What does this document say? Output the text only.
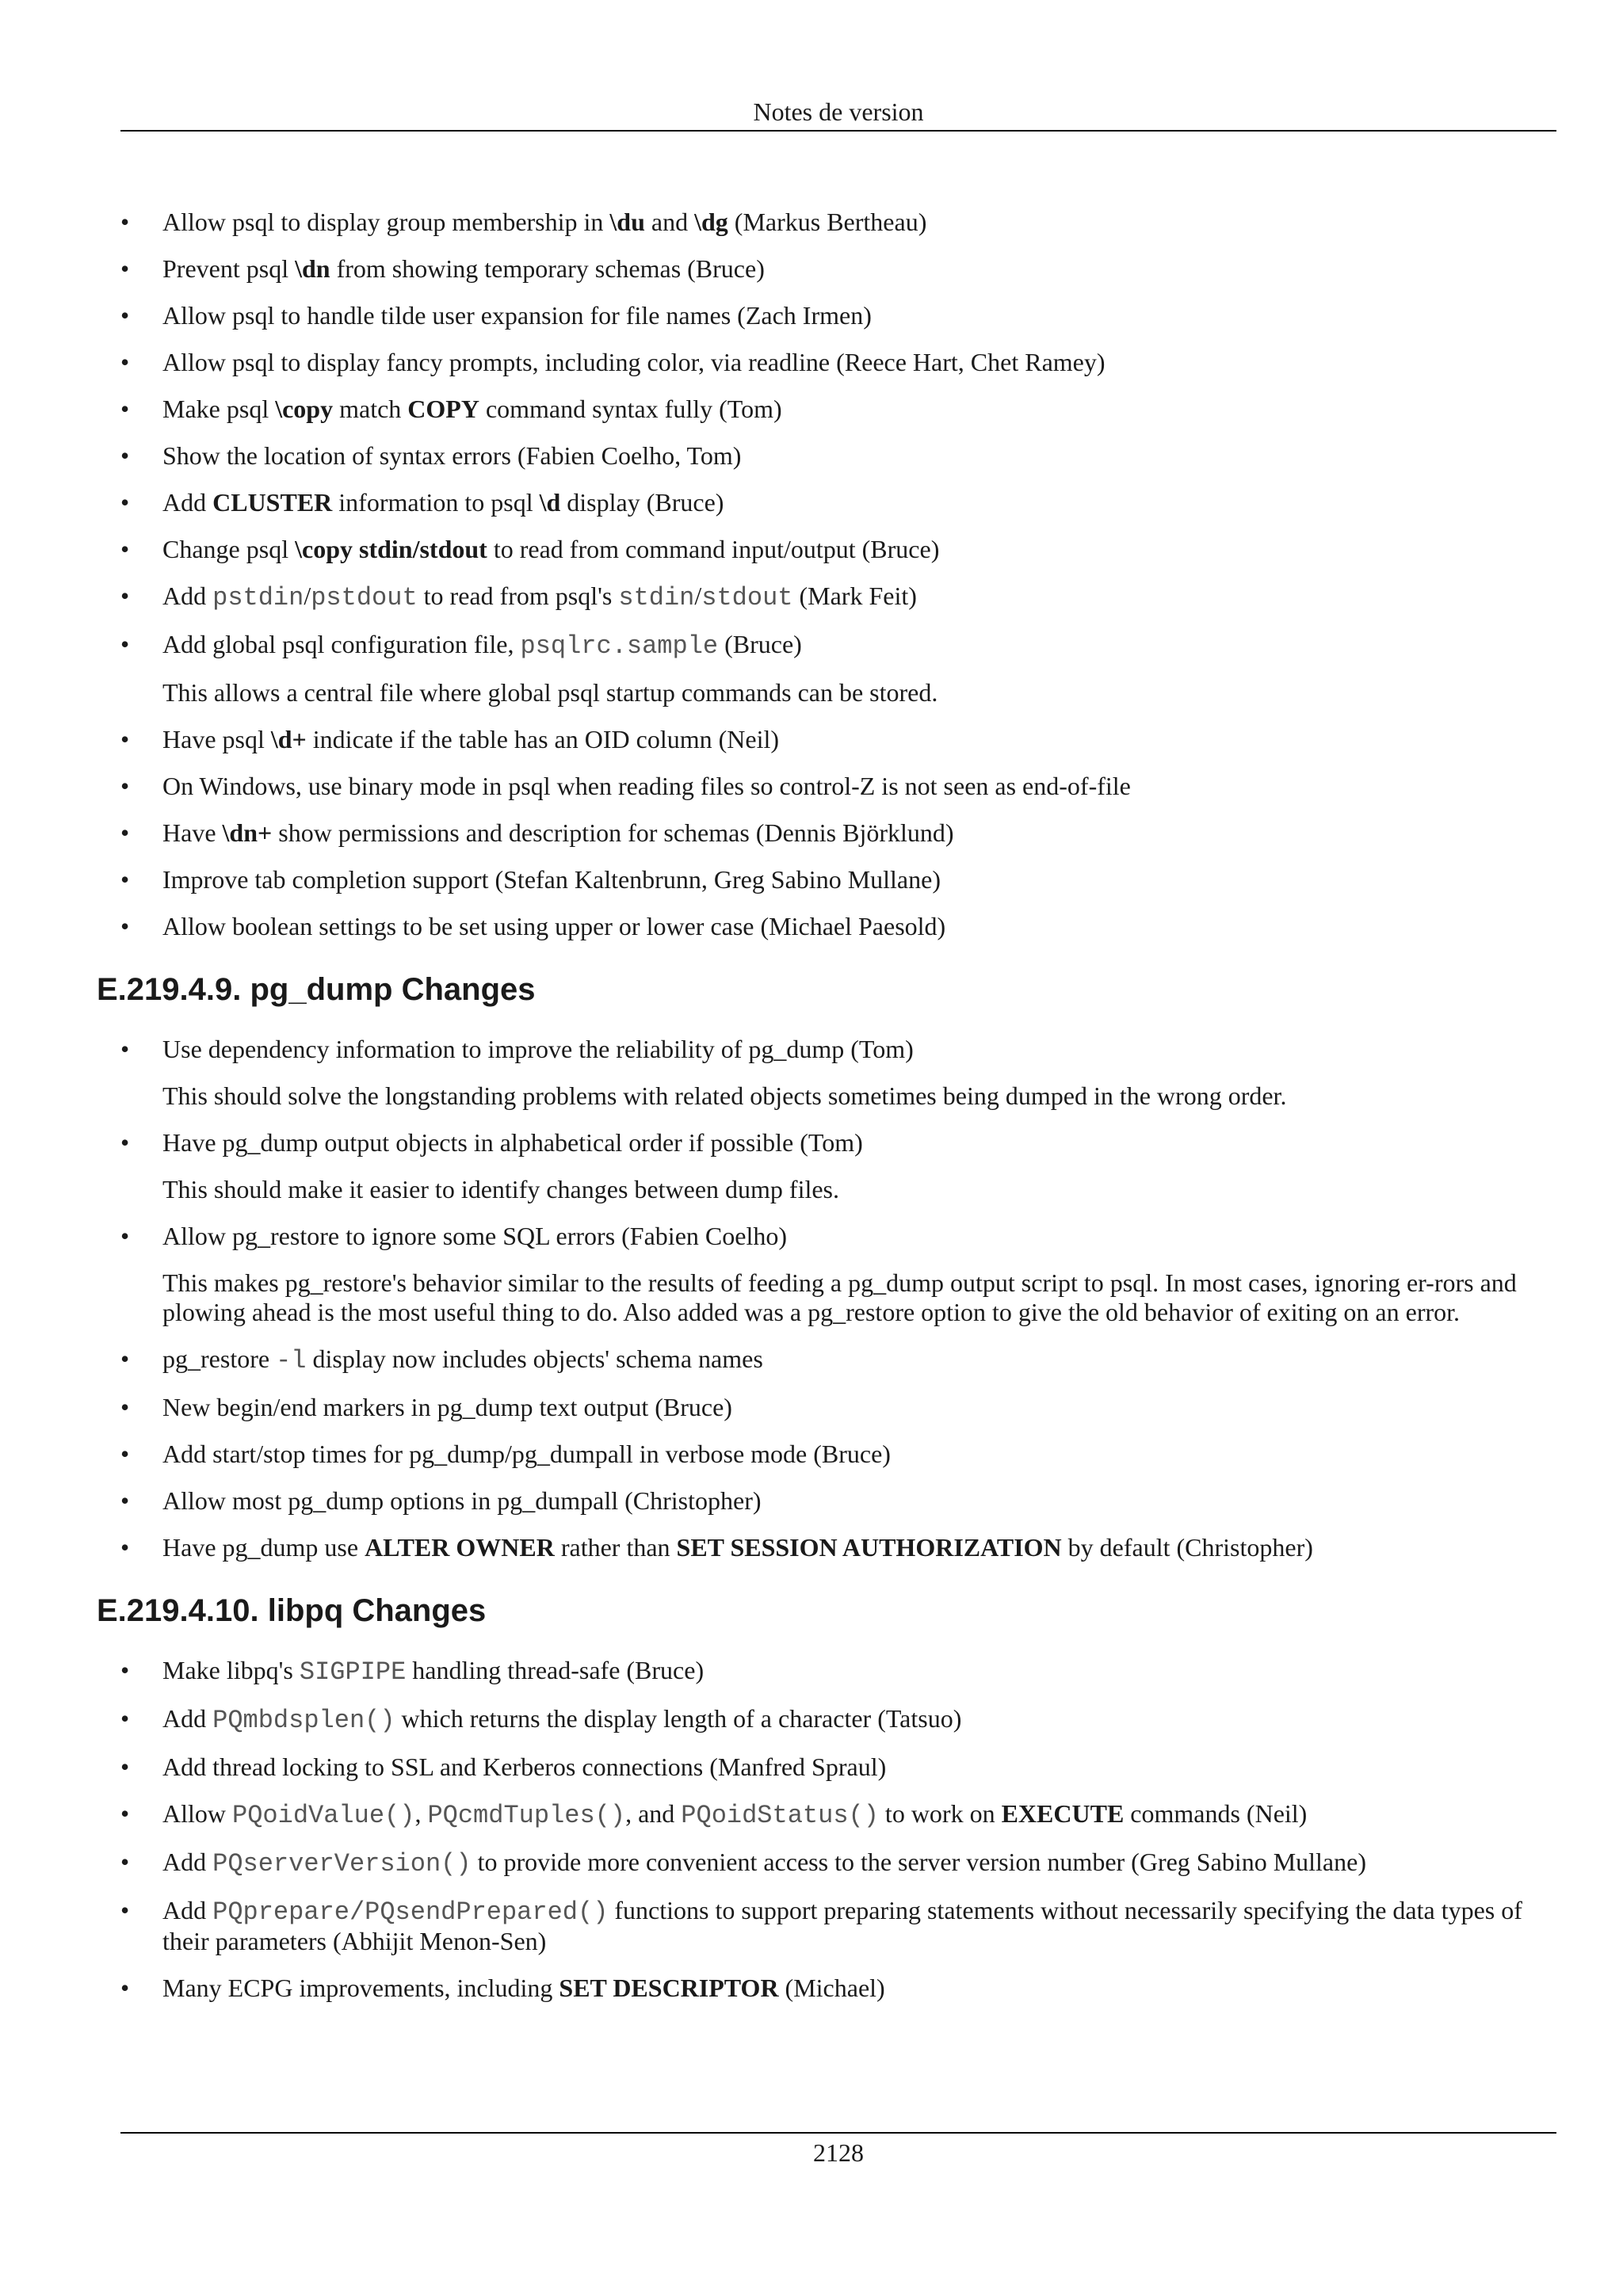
Notes de version
• Allow psql to display group membership in \du and \dg (Markus Bertheau)
• Prevent psql \dn from showing temporary schemas (Bruce)
• Allow psql to handle tilde user expansion for file names (Zach Irmen)
• Allow psql to display fancy prompts, including color, via readline (Reece Hart, Chet Ramey)
• Make psql \copy match COPY command syntax fully (Tom)
• Show the location of syntax errors (Fabien Coelho, Tom)
• Add CLUSTER information to psql \d display (Bruce)
• Change psql \copy stdin/stdout to read from command input/output (Bruce)
• Add pstdin/pstdout to read from psql's stdin/stdout (Mark Feit)
• Add global psql configuration file, psqlrc.sample (Bruce)

This allows a central file where global psql startup commands can be stored.

• Have psql \d+ indicate if the table has an OID column (Neil)
• On Windows, use binary mode in psql when reading files so control-Z is not seen as end-of-file
• Have \dn+ show permissions and description for schemas (Dennis Björklund)
• Improve tab completion support (Stefan Kaltenbrunn, Greg Sabino Mullane)
• Allow boolean settings to be set using upper or lower case (Michael Paesold)
E.219.4.9. pg_dump Changes
• Use dependency information to improve the reliability of pg_dump (Tom)

This should solve the longstanding problems with related objects sometimes being dumped in the wrong order.

• Have pg_dump output objects in alphabetical order if possible (Tom)

This should make it easier to identify changes between dump files.

• Allow pg_restore to ignore some SQL errors (Fabien Coelho)

This makes pg_restore's behavior similar to the results of feeding a pg_dump output script to psql. In most cases, ignoring er-rors and plowing ahead is the most useful thing to do. Also added was a pg_restore option to give the old behavior of exiting on an error.

• pg_restore -l display now includes objects' schema names
• New begin/end markers in pg_dump text output (Bruce)
• Add start/stop times for pg_dump/pg_dumpall in verbose mode (Bruce)
• Allow most pg_dump options in pg_dumpall (Christopher)
• Have pg_dump use ALTER OWNER rather than SET SESSION AUTHORIZATION by default (Christopher)
E.219.4.10. libpq Changes
• Make libpq's SIGPIPE handling thread-safe (Bruce)
• Add PQmbdsplen() which returns the display length of a character (Tatsuo)
• Add thread locking to SSL and Kerberos connections (Manfred Spraul)
• Allow PQoidValue(), PQcmdTuples(), and PQoidStatus() to work on EXECUTE commands (Neil)
• Add PQserverVersion() to provide more convenient access to the server version number (Greg Sabino Mullane)
• Add PQprepare/PQsendPrepared() functions to support preparing statements without necessarily specifying the data types of their parameters (Abhijit Menon-Sen)
• Many ECPG improvements, including SET DESCRIPTOR (Michael)
2128
